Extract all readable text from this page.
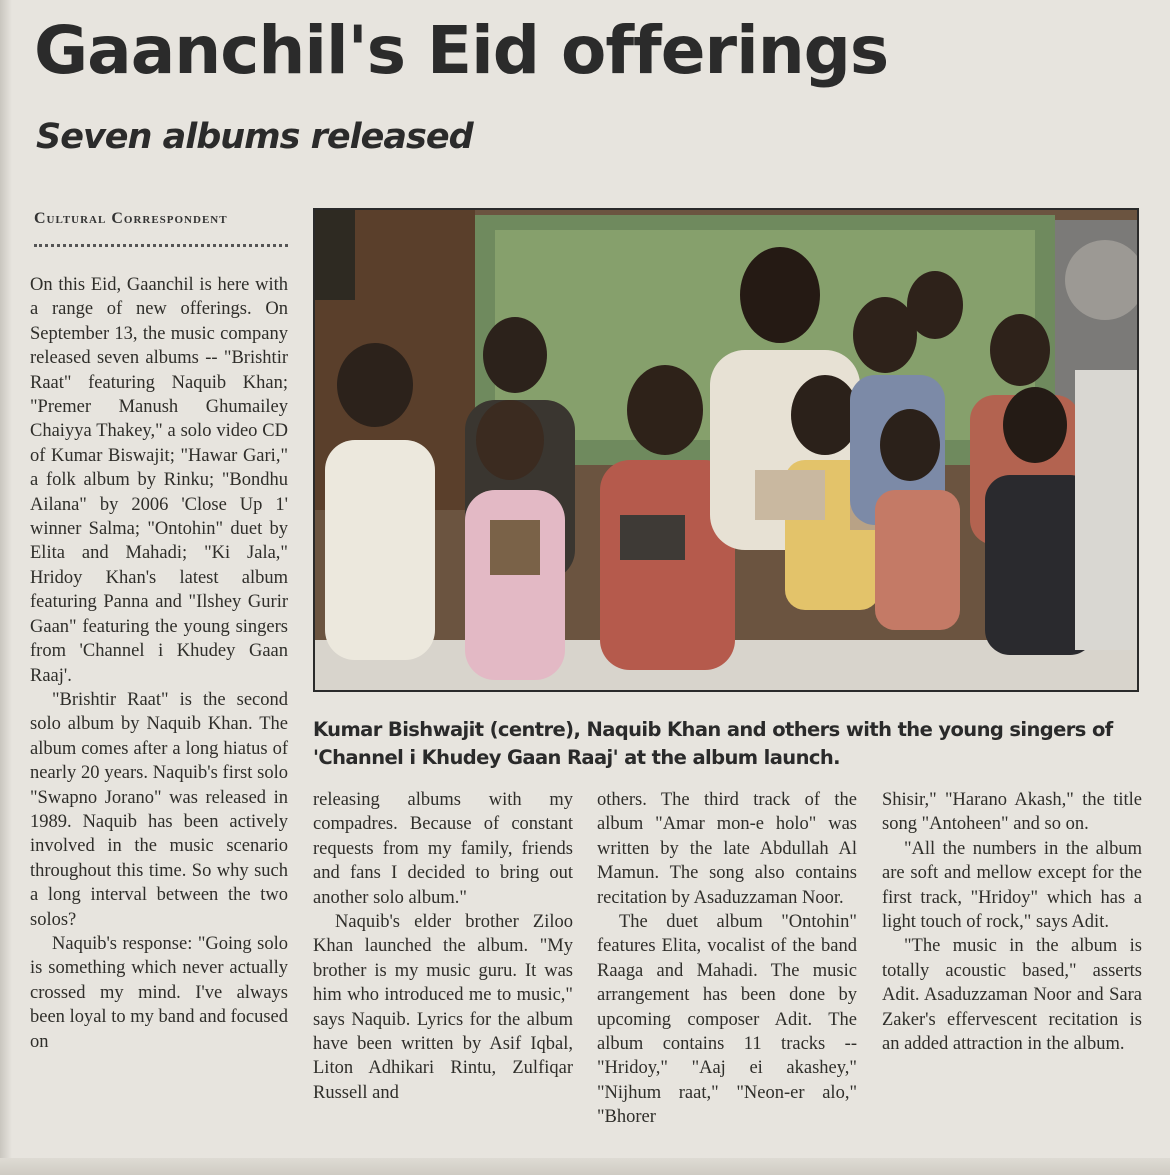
Gaanchil's Eid offerings
Seven albums released
Cultural Correspondent
Kumar Bishwajit (centre), Naquib Khan and others with the young singers of 'Channel i Khudey Gaan Raaj' at the album launch.

On this Eid, Gaanchil is here with a range of new offerings. On September 13, the music company released seven albums -- "Brishtir Raat" featuring Naquib Khan; "Premer Manush Ghumailey Chaiyya Thakey," a solo video CD of Kumar Biswajit; "Hawar Gari," a folk album by Rinku; "Bondhu Ailana" by 2006 'Close Up 1' winner Salma; "Ontohin" duet by Elita and Mahadi; "Ki Jala," Hridoy Khan's latest album featuring Panna and "Ilshey Gurir Gaan" featuring the young singers from 'Channel i Khudey Gaan Raaj'.

"Brishtir Raat" is the second solo album by Naquib Khan. The album comes after a long hiatus of nearly 20 years. Naquib's first solo "Swapno Jorano" was released in 1989. Naquib has been actively involved in the music scenario throughout this time. So why such a long interval between the two solos?

Naquib's response: "Going solo is something which never actually crossed my mind. I've always been loyal to my band and focused on

releasing albums with my compadres. Because of constant requests from my family, friends and fans I decided to bring out another solo album."

Naquib's elder brother Ziloo Khan launched the album. "My brother is my music guru. It was him who introduced me to music," says Naquib. Lyrics for the album have been written by Asif Iqbal, Liton Adhikari Rintu, Zulfiqar Russell and

others. The third track of the album "Amar mon-e holo" was written by the late Abdullah Al Mamun. The song also contains recitation by Asaduzzaman Noor.

The duet album "Ontohin" features Elita, vocalist of the band Raaga and Mahadi. The music arrangement has been done by upcoming composer Adit. The album contains 11 tracks -- "Hridoy," "Aaj ei akashey," "Nijhum raat," "Neon-er alo," "Bhorer

Shisir," "Harano Akash," the title song "Antoheen" and so on.

"All the numbers in the album are soft and mellow except for the first track, "Hridoy" which has a light touch of rock," says Adit.

"The music in the album is totally acoustic based," asserts Adit. Asaduzzaman Noor and Sara Zaker's effervescent recitation is an added attraction in the album.
